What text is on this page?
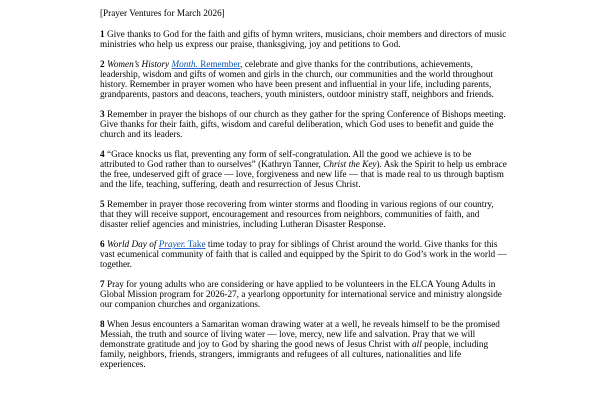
[Prayer Ventures for March 2026]

1 Give thanks to God for the faith and gifts of hymn writers, musicians, choir members and directors of music ministries who help us express our praise, thanksgiving, joy and petitions to God.

2 Women’s History Month. Remember, celebrate and give thanks for the contributions, achievements, leadership, wisdom and gifts of women and girls in the church, our communities and the world throughout history. Remember in prayer women who have been present and influential in your life, including parents, grandparents, pastors and deacons, teachers, youth ministers, outdoor ministry staff, neighbors and friends.

3 Remember in prayer the bishops of our church as they gather for the spring Conference of Bishops meeting. Give thanks for their faith, gifts, wisdom and careful deliberation, which God uses to benefit and guide the church and its leaders.

4 “Grace knocks us flat, preventing any form of self-congratulation. All the good we achieve is to be attributed to God rather than to ourselves” (Kathryn Tanner, Christ the Key). Ask the Spirit to help us embrace the free, undeserved gift of grace — love, forgiveness and new life — that is made real to us through baptism and the life, teaching, suffering, death and resurrection of Jesus Christ.

5 Remember in prayer those recovering from winter storms and flooding in various regions of our country, that they will receive support, encouragement and resources from neighbors, communities of faith, and disaster relief agencies and ministries, including Lutheran Disaster Response.

6 World Day of Prayer. Take time today to pray for siblings of Christ around the world. Give thanks for this vast ecumenical community of faith that is called and equipped by the Spirit to do God’s work in the world — together.

7 Pray for young adults who are considering or have applied to be volunteers in the ELCA Young Adults in Global Mission program for 2026-27, a yearlong opportunity for international service and ministry alongside our companion churches and organizations.

8 When Jesus encounters a Samaritan woman drawing water at a well, he reveals himself to be the promised Messiah, the truth and source of living water — love, mercy, new life and salvation. Pray that we will demonstrate gratitude and joy to God by sharing the good news of Jesus Christ with all people, including family, neighbors, friends, strangers, immigrants and refugees of all cultures, nationalities and life experiences.
